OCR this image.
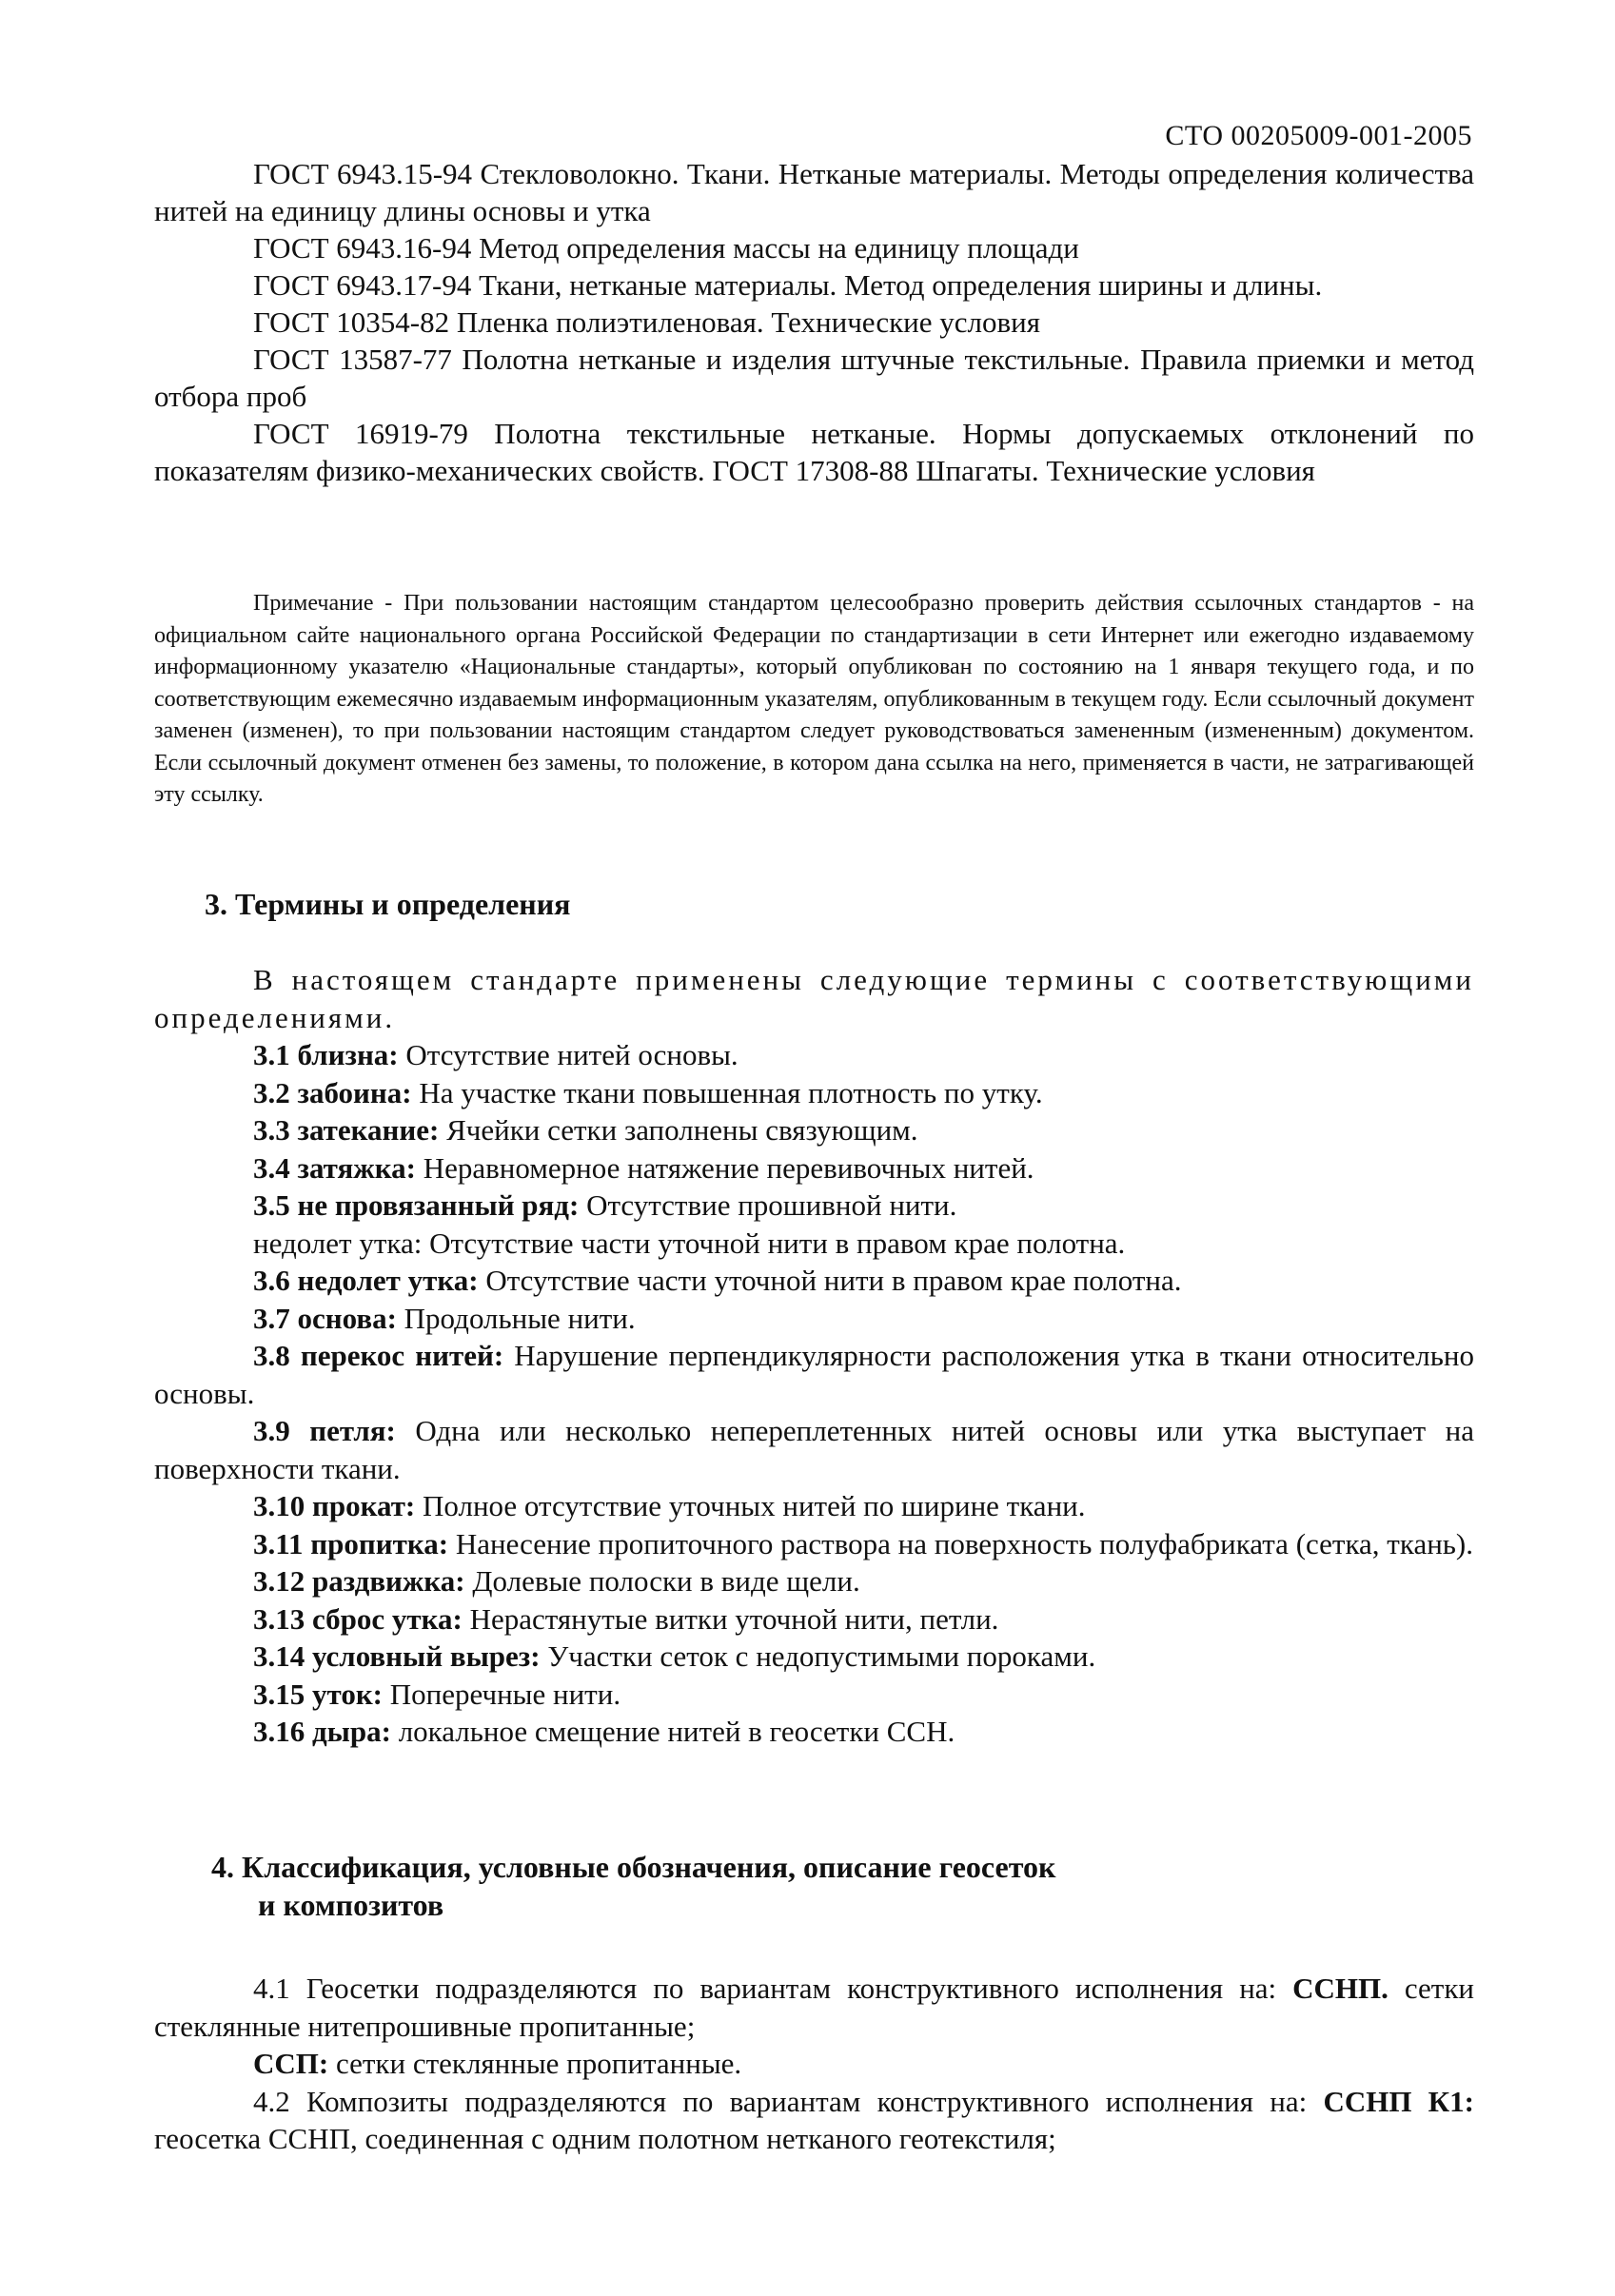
СТО 00205009-001-2005

ГОСТ 6943.15-94 Стекловолокно. Ткани. Нетканые материалы. Методы определения количества нитей на единицу длины основы и утка

ГОСТ 6943.16-94 Метод определения массы на единицу площади

ГОСТ 6943.17-94 Ткани, нетканые материалы. Метод определения ширины и длины.

ГОСТ 10354-82 Пленка полиэтиленовая. Технические условия

ГОСТ 13587-77 Полотна нетканые и изделия штучные текстильные. Правила приемки и метод отбора проб

ГОСТ 16919-79 Полотна текстильные нетканые. Нормы допускаемых отклонений по показателям физико-механических свойств. ГОСТ 17308-88 Шпагаты. Технические условия

Примечание - При пользовании настоящим стандартом целесообразно проверить действия ссылочных стандартов - на официальном сайте национального органа Российской Федерации по стандартизации в сети Интернет или ежегодно издаваемому информационному указателю «Национальные стандарты», который опубликован по состоянию на 1 января текущего года, и по соответствующим ежемесячно издаваемым информационным указателям, опубликованным в текущем году. Если ссылочный документ заменен (изменен), то при пользовании настоящим стандартом следует руководствоваться замененным (измененным) документом. Если ссылочный документ отменен без замены, то положение, в котором дана ссылка на него, применяется в части, не затрагивающей эту ссылку.

3. Термины и определения

В настоящем стандарте применены следующие термины с соответствующими определениями.

3.1 близна: Отсутствие нитей основы.

3.2 забоина: На участке ткани повышенная плотность по утку.

3.3 затекание: Ячейки сетки заполнены связующим.

3.4 затяжка: Неравномерное натяжение перевивочных нитей.

3.5 не провязанный ряд: Отсутствие прошивной нити.

недолет утка: Отсутствие части уточной нити в правом крае полотна.

3.6 недолет утка: Отсутствие части уточной нити в правом крае полотна.

3.7 основа: Продольные нити.

3.8 перекос нитей: Нарушение перпендикулярности расположения утка в ткани относительно основы.

3.9 петля: Одна или несколько непереплетенных нитей основы или утка выступает на поверхности ткани.

3.10 прокат: Полное отсутствие уточных нитей по ширине ткани.

3.11 пропитка: Нанесение пропиточного раствора на поверхность полуфабриката (сетка, ткань).

3.12 раздвижка: Долевые полоски в виде щели.

3.13 сброс утка: Нерастянутые витки уточной нити, петли.

3.14 условный вырез: Участки сеток с недопустимыми пороками.

3.15 уток: Поперечные нити.

3.16 дыра: локальное смещение нитей в геосетки ССН.

4. Классификация, условные обозначения, описание геосеток
и композитов

4.1 Геосетки подразделяются по вариантам конструктивного исполнения на: ССНП. сетки стеклянные нитепрошивные пропитанные;

ССП: сетки стеклянные пропитанные.

4.2 Композиты подразделяются по вариантам конструктивного исполнения на: ССНП К1: геосетка ССНП, соединенная с одним полотном нетканого геотекстиля;
